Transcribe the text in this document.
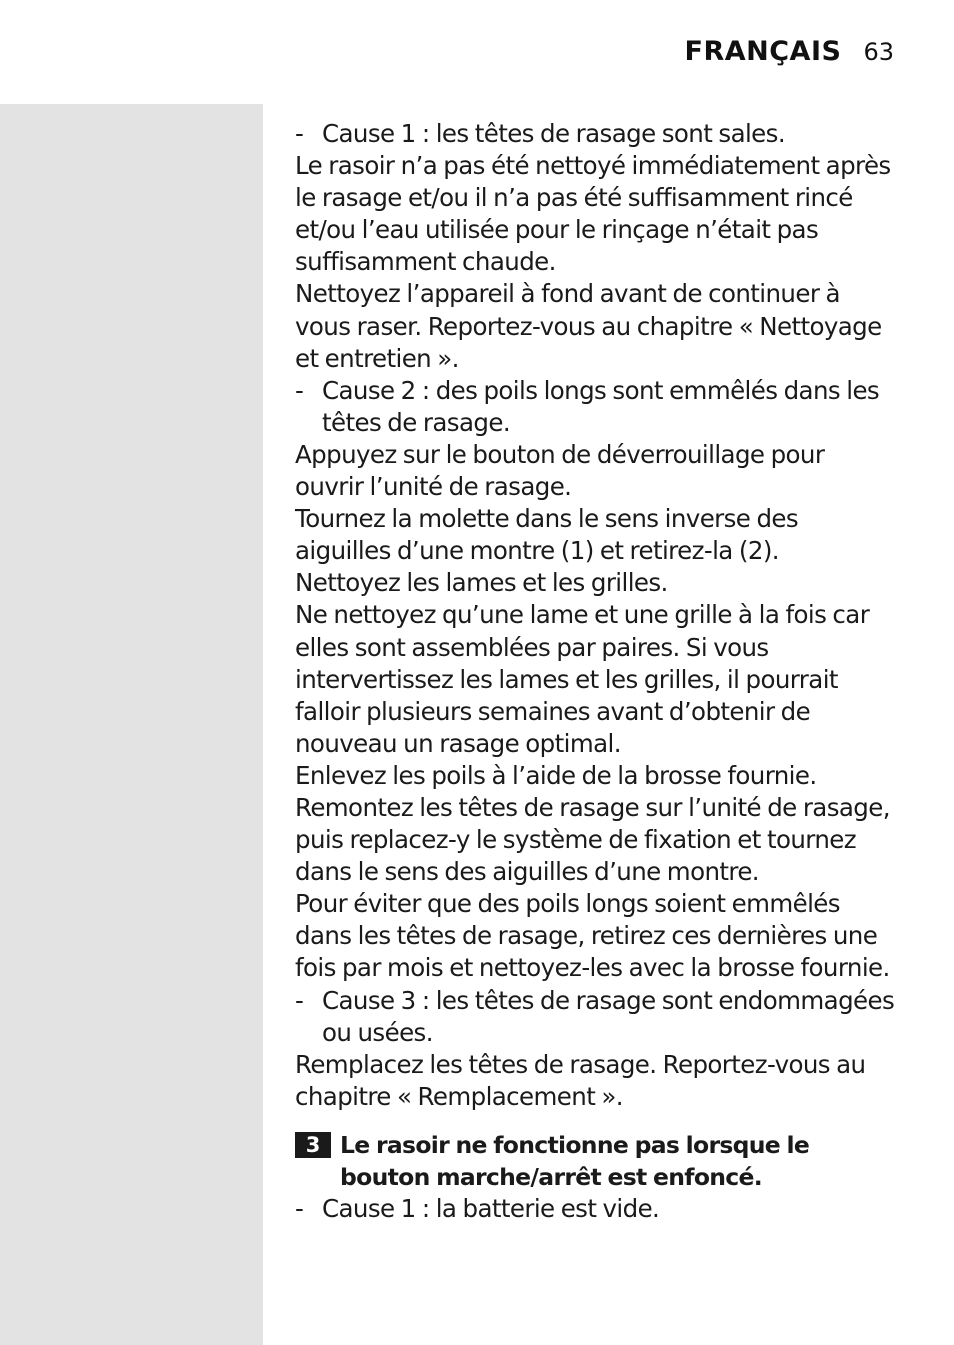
FRANÇAIS 63
- Cause 1 : les têtes de rasage sont sales.

Le rasoir n’a pas été nettoyé immédiatement après le rasage et/ou il n’a pas été suffisamment rincé et/ou l’eau utilisée pour le rinçage n’était pas suffisamment chaude.

Nettoyez l’appareil à fond avant de continuer à vous raser. Reportez-vous au chapitre « Nettoyage et entretien ».

- Cause 2 : des poils longs sont emmêlés dans les têtes de rasage.

Appuyez sur le bouton de déverrouillage pour ouvrir l’unité de rasage.

Tournez la molette dans le sens inverse des aiguilles d’une montre (1) et retirez-la (2).

Nettoyez les lames et les grilles.

Ne nettoyez qu’une lame et une grille à la fois car elles sont assemblées par paires. Si vous intervertissez les lames et les grilles, il pourrait falloir plusieurs semaines avant d’obtenir de nouveau un rasage optimal.

Enlevez les poils à l’aide de la brosse fournie.

Remontez les têtes de rasage sur l’unité de rasage, puis replacez-y le système de fixation et tournez dans le sens des aiguilles d’une montre.

Pour éviter que des poils longs soient emmêlés dans les têtes de rasage, retirez ces dernières une fois par mois et nettoyez-les avec la brosse fournie.

- Cause 3 : les têtes de rasage sont endommagées ou usées.

Remplacez les têtes de rasage. Reportez-vous au chapitre « Remplacement ».

3 Le rasoir ne fonctionne pas lorsque le bouton marche/arrêt est enfoncé.
- Cause 1 : la batterie est vide.
